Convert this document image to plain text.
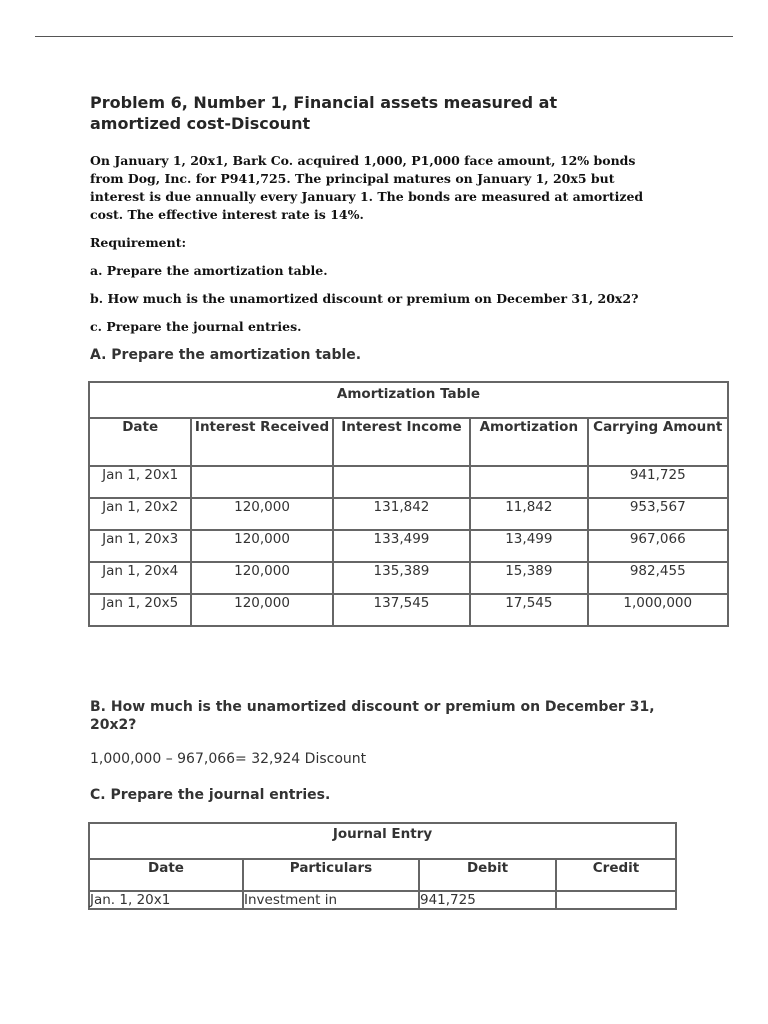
Problem 6, Number 1, Financial assets measured at amortized cost-Discount

On January 1, 20x1, Bark Co. acquired 1,000, P1,000 face amount, 12% bonds from Dog, Inc. for P941,725. The principal matures on January 1, 20x5 but interest is due annually every January 1. The bonds are measured at amortized cost. The effective interest rate is 14%.

Requirement:

a. Prepare the amortization table.

b. How much is the unamortized discount or premium on December 31, 20x2?

c. Prepare the journal entries.

A. Prepare the amortization table.
Amortization Table				
Date	Interest Received	Interest Income	Amortization	Carrying Amount
Jan 1, 20x1				941,725
Jan 1, 20x2	120,000	131,842	11,842	953,567
Jan 1, 20x3	120,000	133,499	13,499	967,066
Jan 1, 20x4	120,000	135,389	15,389	982,455
Jan 1, 20x5	120,000	137,545	17,545	1,000,000
B. How much is the unamortized discount or premium on December 31, 20x2?
1,000,000 – 967,066= 32,924 Discount
C. Prepare the journal entries.
Journal Entry			
Date	Particulars	Debit	Credit
Jan. 1, 20x1	Investment in	941,725	
